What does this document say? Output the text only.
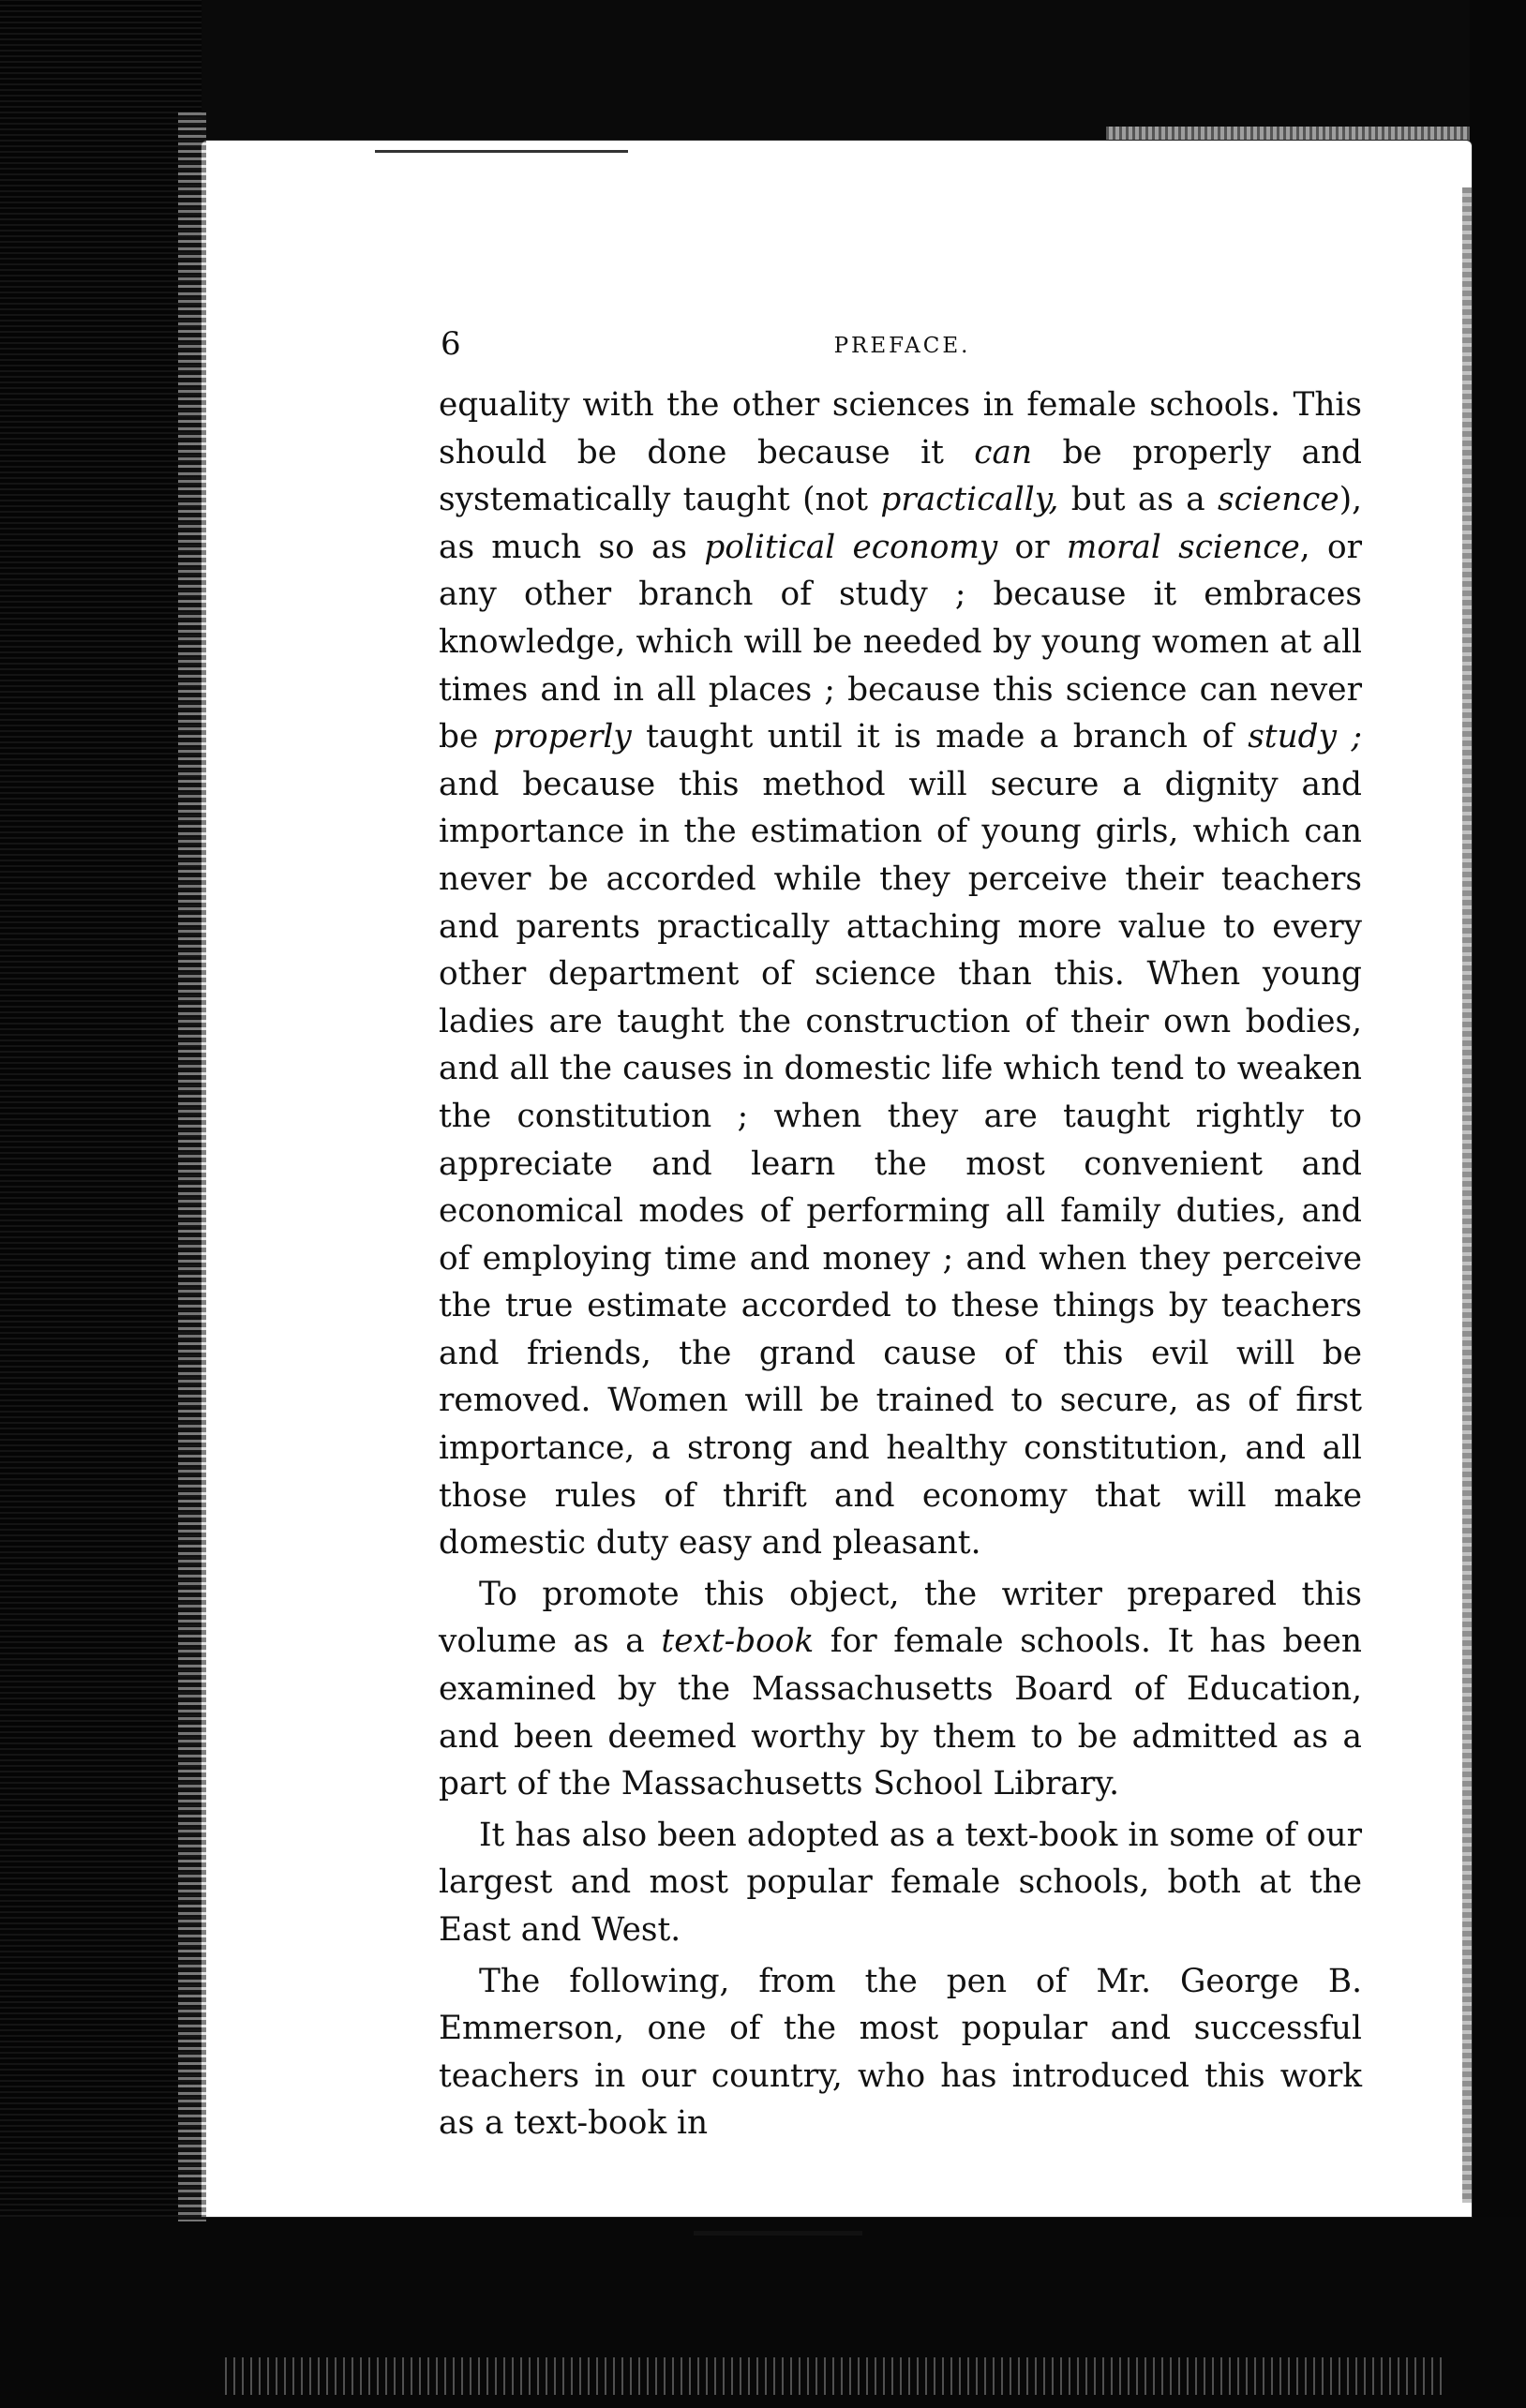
6	PREFACE.

equality with the other sciences in female schools. This should be done because it can be properly and systematically taught (not practically, but as a science), as much so as political economy or moral science, or any other branch of study ; because it embraces knowledge, which will be needed by young women at all times and in all places ; because this science can never be properly taught until it is made a branch of study ; and because this method will secure a dignity and importance in the estimation of young girls, which can never be accorded while they perceive their teachers and parents practically attaching more value to every other department of science than this. When young ladies are taught the construction of their own bodies, and all the causes in domestic life which tend to weaken the constitution ; when they are taught rightly to appreciate and learn the most convenient and economical modes of performing all family duties, and of employing time and money ; and when they perceive the true estimate accorded to these things by teachers and friends, the grand cause of this evil will be removed. Women will be trained to secure, as of first importance, a strong and healthy constitution, and all those rules of thrift and economy that will make domestic duty easy and pleasant.

To promote this object, the writer prepared this volume as a text-book for female schools. It has been examined by the Massachusetts Board of Education, and been deemed worthy by them to be admitted as a part of the Massachusetts School Library.

It has also been adopted as a text-book in some of our largest and most popular female schools, both at the East and West.

The following, from the pen of Mr. George B. Emmerson, one of the most popular and successful teachers in our country, who has introduced this work as a text-book in
